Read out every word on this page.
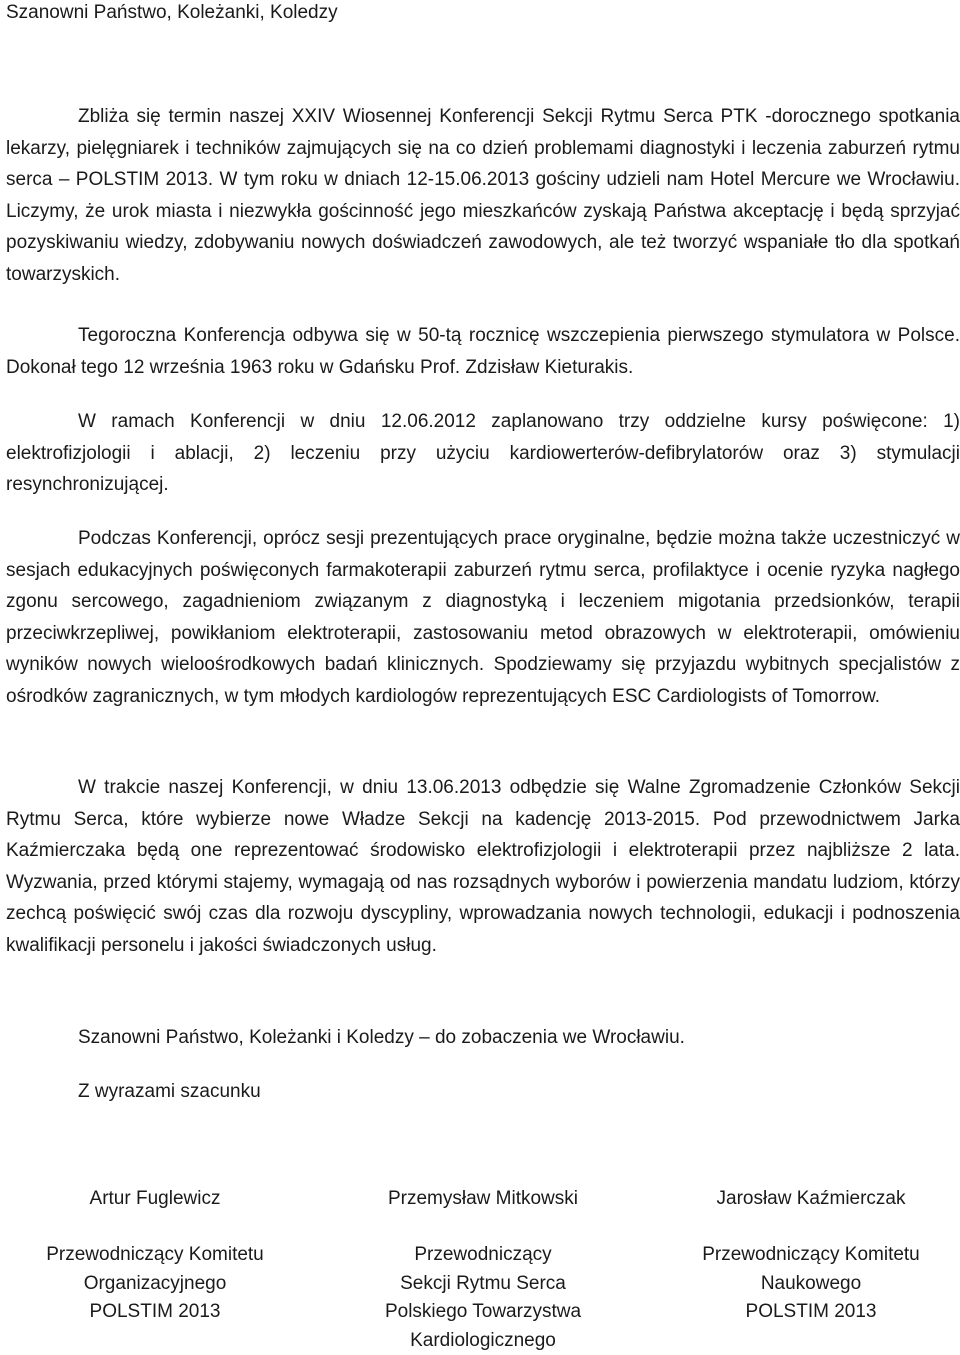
Szanowni Państwo, Koleżanki, Koledzy

Zbliża się termin naszej XXIV Wiosennej Konferencji Sekcji Rytmu Serca PTK -dorocznego spotkania lekarzy, pielęgniarek i techników zajmujących się na co dzień problemami diagnostyki i leczenia zaburzeń rytmu serca – POLSTIM 2013. W tym roku w dniach 12-15.06.2013 gościny udzieli nam Hotel Mercure we Wrocławiu. Liczymy, że urok miasta i niezwykła gościnność jego mieszkańców zyskają Państwa akceptację i będą sprzyjać pozyskiwaniu wiedzy, zdobywaniu nowych doświadczeń zawodowych, ale też tworzyć wspaniałe tło dla spotkań towarzyskich.

Tegoroczna Konferencja odbywa się w 50-tą rocznicę wszczepienia pierwszego stymulatora w Polsce. Dokonał tego 12 września 1963 roku w Gdańsku Prof. Zdzisław Kieturakis.

W ramach Konferencji w dniu 12.06.2012 zaplanowano trzy oddzielne kursy poświęcone: 1) elektrofizjologii i ablacji, 2) leczeniu przy użyciu kardiowerterów-defibrylatorów oraz 3) stymulacji resynchronizującej.

Podczas Konferencji, oprócz sesji prezentujących prace oryginalne, będzie można także uczestniczyć w sesjach edukacyjnych poświęconych farmakoterapii zaburzeń rytmu serca, profilaktyce i ocenie ryzyka nagłego zgonu sercowego, zagadnieniom związanym z diagnostyką i leczeniem migotania przedsionków, terapii przeciwkrzepliwej, powikłaniom elektroterapii, zastosowaniu metod obrazowych w elektroterapii, omówieniu wyników nowych wieloośrodkowych badań klinicznych. Spodziewamy się przyjazdu wybitnych specjalistów z ośrodków zagranicznych, w tym młodych kardiologów reprezentujących ESC Cardiologists of Tomorrow.

W trakcie naszej Konferencji, w dniu 13.06.2013 odbędzie się Walne Zgromadzenie Członków Sekcji Rytmu Serca, które wybierze nowe Władze Sekcji na kadencję 2013-2015. Pod przewodnictwem Jarka Kaźmierczaka będą one reprezentować środowisko elektrofizjologii i elektroterapii przez najbliższe 2 lata. Wyzwania, przed którymi stajemy, wymagają od nas rozsądnych wyborów i powierzenia mandatu ludziom, którzy zechcą poświęcić swój czas dla rozwoju dyscypliny, wprowadzania nowych technologii, edukacji i podnoszenia kwalifikacji personelu i jakości świadczonych usług.

Szanowni Państwo, Koleżanki i Koledzy – do zobaczenia we Wrocławiu.
Z wyrazami szacunku
Artur Fuglewicz
Przewodniczący Komitetu
Organizacyjnego
POLSTIM 2013
Przemysław Mitkowski
Przewodniczący
Sekcji Rytmu Serca
Polskiego Towarzystwa
Kardiologicznego
Jarosław Kaźmierczak
Przewodniczący Komitetu
Naukowego
POLSTIM 2013
